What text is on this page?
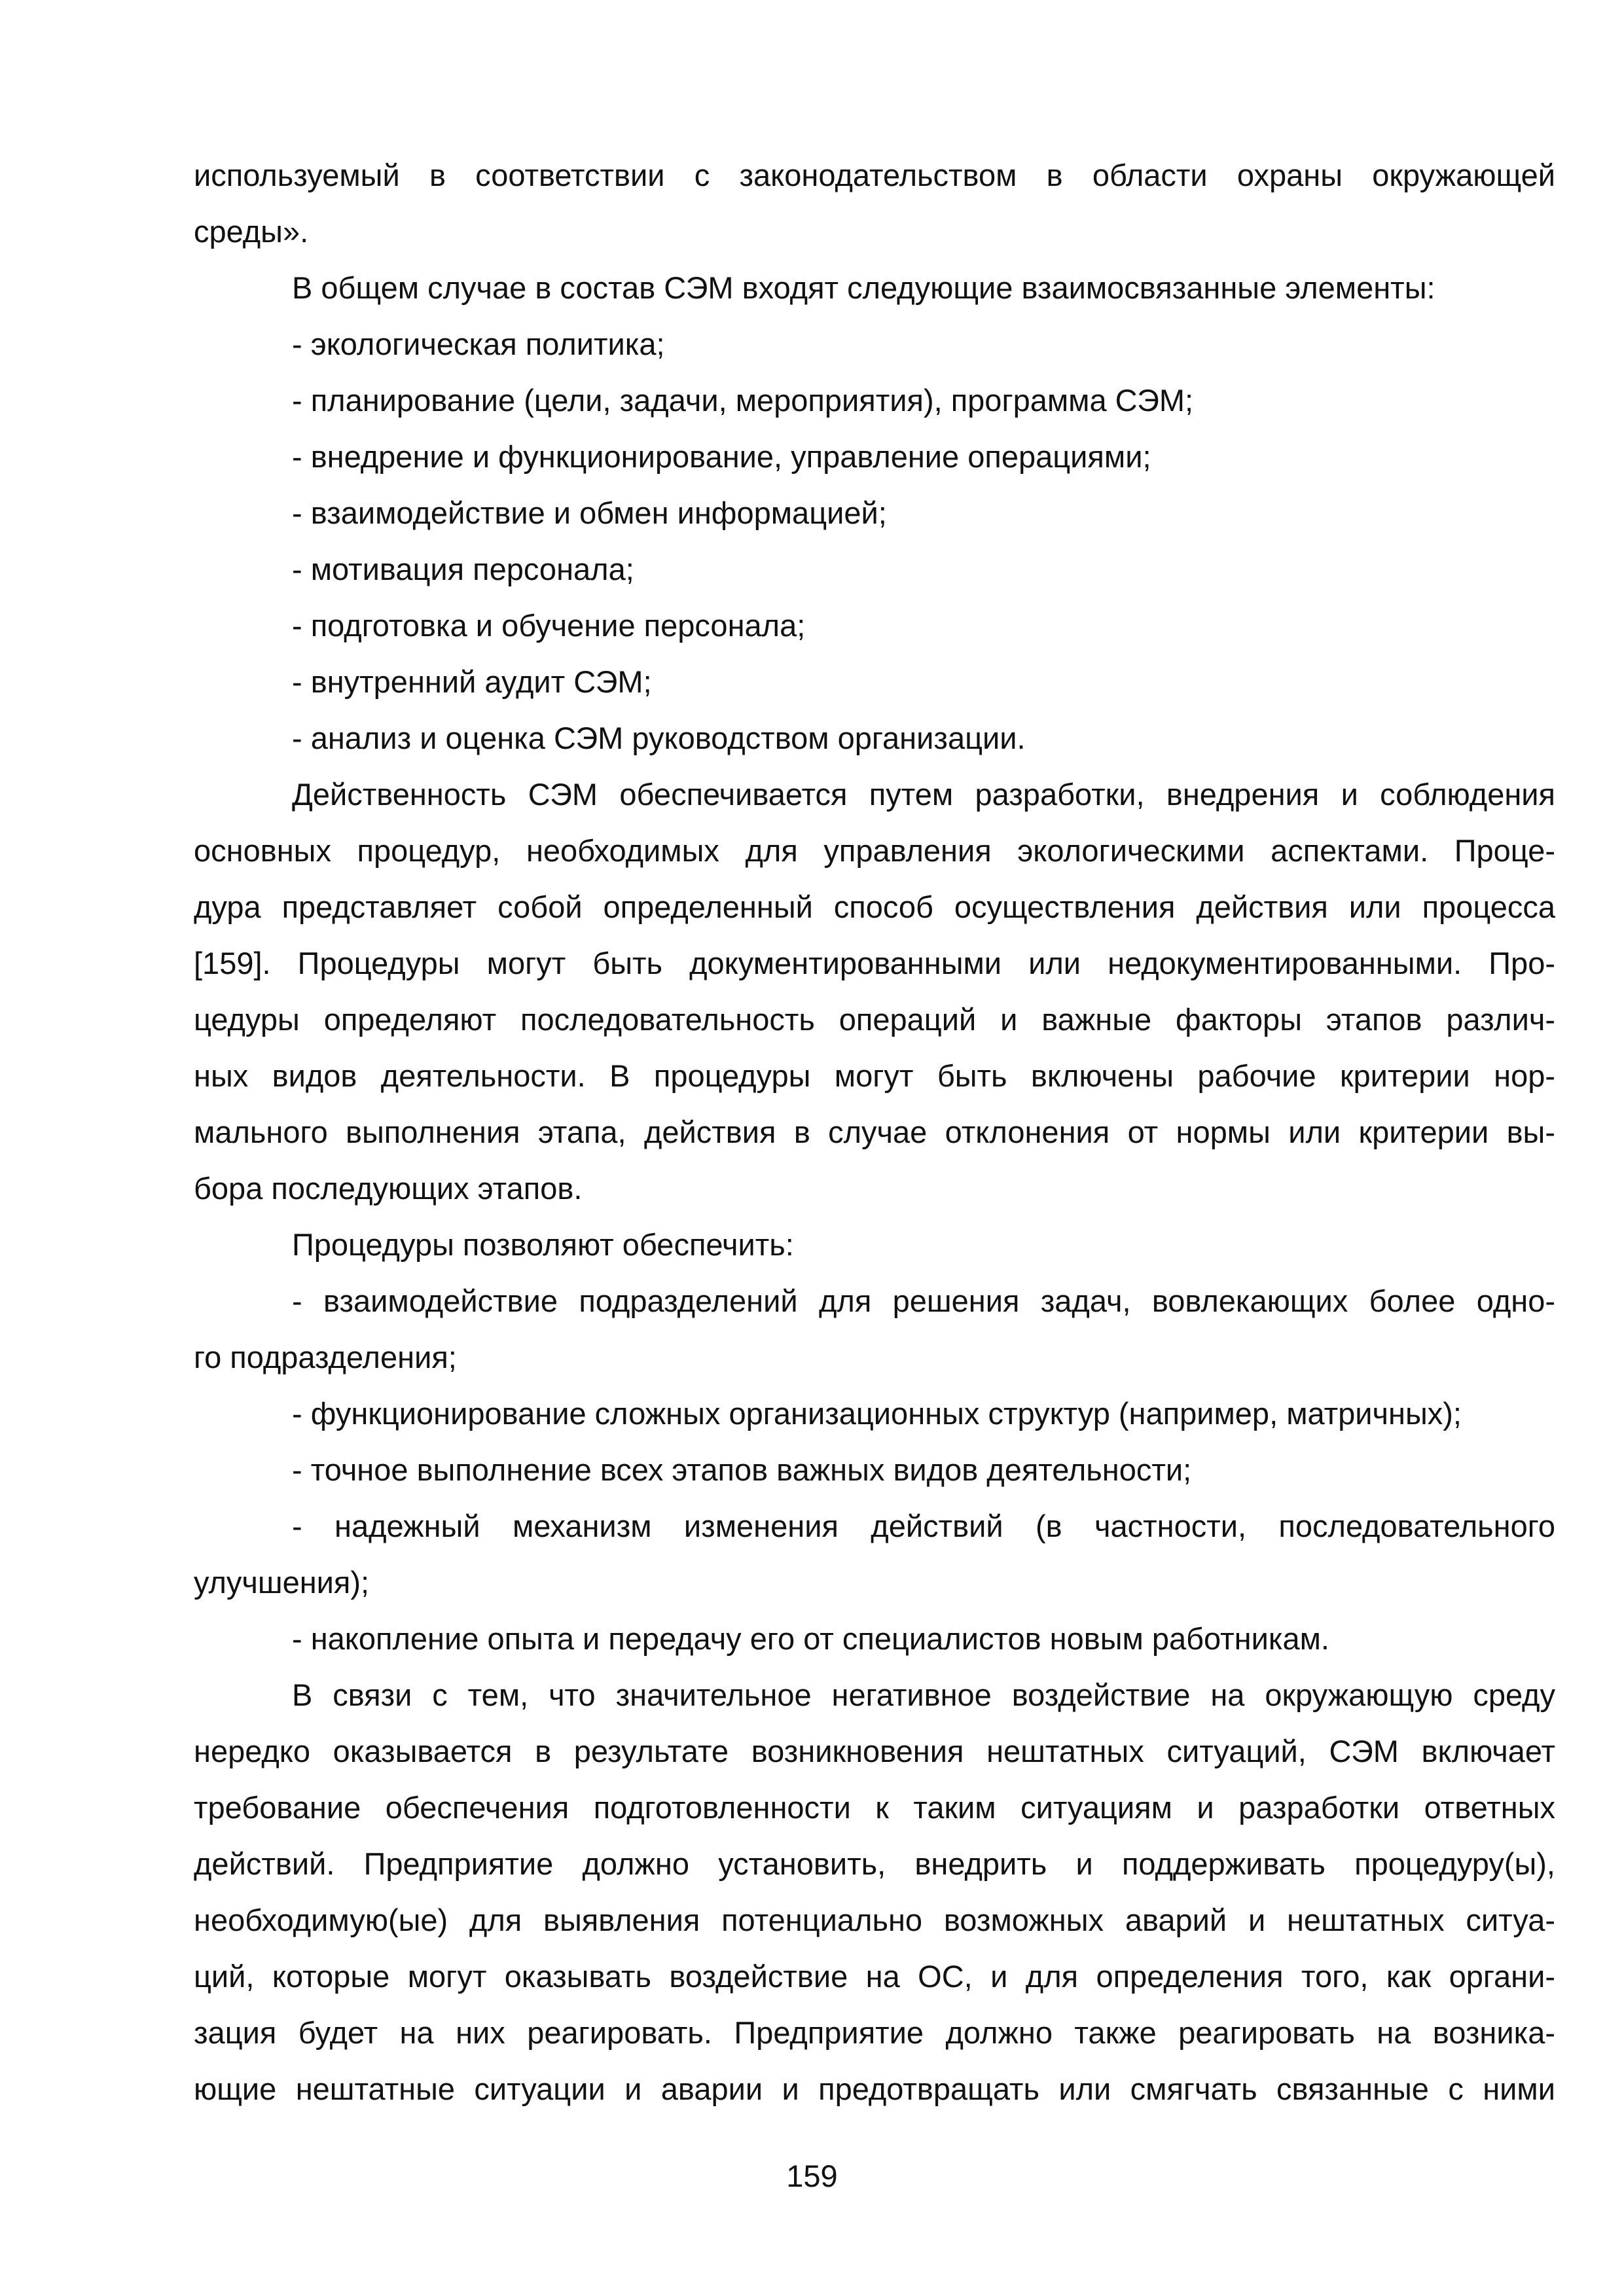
используемый в соответствии с законодательством в области охраны окружающей
среды».
В общем случае в состав СЭМ входят следующие взаимосвязанные элементы:
- экологическая политика;
- планирование (цели, задачи, мероприятия), программа СЭМ;
- внедрение и функционирование, управление операциями;
- взаимодействие и обмен информацией;
- мотивация персонала;
- подготовка и обучение персонала;
- внутренний аудит СЭМ;
- анализ и оценка СЭМ руководством организации.
Действенность СЭМ обеспечивается путем разработки, внедрения и соблюдения
основных процедур, необходимых для управления экологическими аспектами. Проце-
дура представляет собой определенный способ осуществления действия или процесса
[159]. Процедуры могут быть документированными или недокументированными. Про-
цедуры определяют последовательность операций и важные факторы этапов различ-
ных видов деятельности. В процедуры могут быть включены рабочие критерии нор-
мального выполнения этапа, действия в случае отклонения от нормы или критерии вы-
бора последующих этапов.
Процедуры позволяют обеспечить:
- взаимодействие подразделений для решения задач, вовлекающих более одно-
го подразделения;
- функционирование сложных организационных структур (например, матричных);
- точное выполнение всех этапов важных видов деятельности;
- надежный механизм изменения действий (в частности, последовательного
улучшения);
- накопление опыта и передачу его от специалистов новым работникам.
В связи с тем, что значительное негативное воздействие на окружающую среду
нередко оказывается в результате возникновения нештатных ситуаций, СЭМ включает
требование обеспечения подготовленности к таким ситуациям и разработки ответных
действий. Предприятие должно установить, внедрить и поддерживать процедуру(ы),
необходимую(ые) для выявления потенциально возможных аварий и нештатных ситуа-
ций, которые могут оказывать воздействие на ОС, и для определения того, как органи-
зация будет на них реагировать. Предприятие должно также реагировать на возника-
ющие нештатные ситуации и аварии и предотвращать или смягчать связанные с ними
159
